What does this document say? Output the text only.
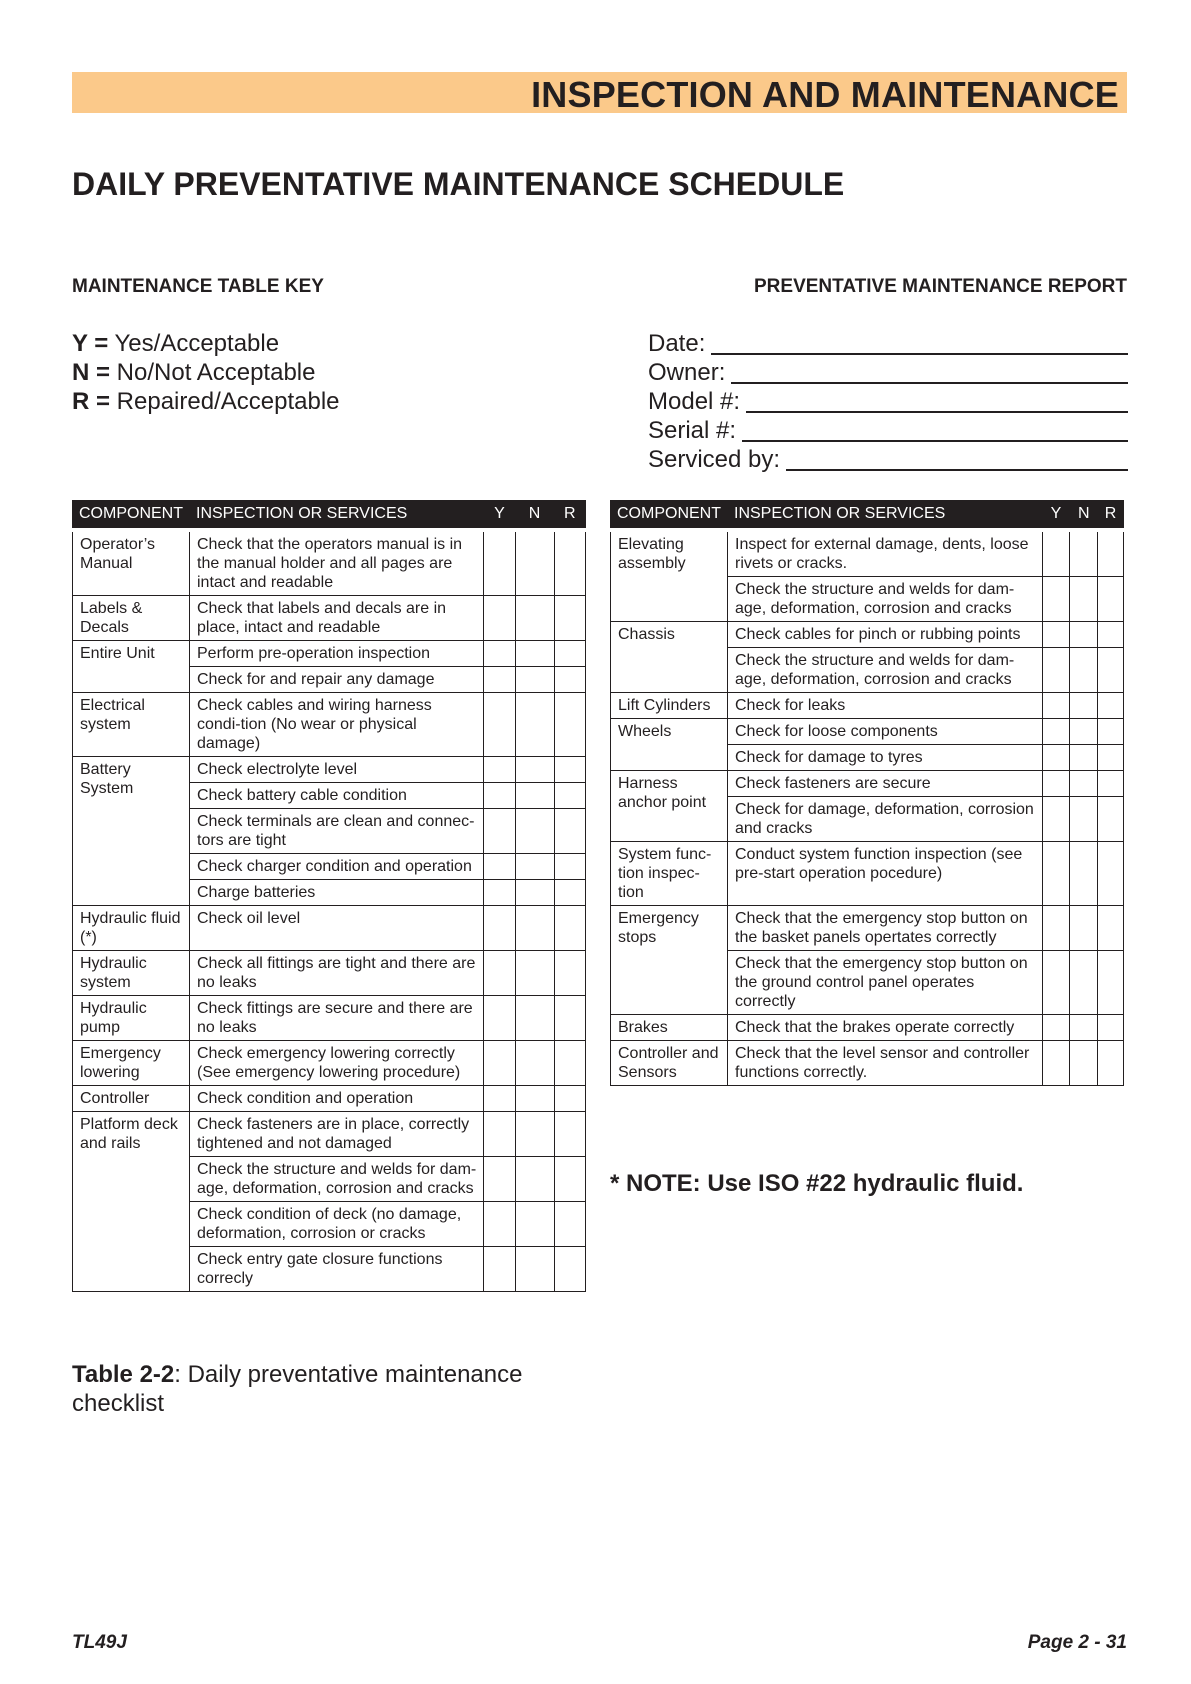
INSPECTION AND MAINTENANCE
DAILY PREVENTATIVE MAINTENANCE SCHEDULE
MAINTENANCE TABLE KEY	PREVENTATIVE MAINTENANCE REPORT
Y = Yes/Acceptable
N = No/Not Acceptable
R = Repaired/Acceptable
Date:
Owner:
Model #:
Serial #:
Serviced by:
COMPONENT	INSPECTION OR SERVICES	Y	N	R
Operator’s Manual	Check that the operators manual is in the manual holder and all pages are intact and readable			
Labels & Decals	Check that labels and decals are in place, intact and readable			
Entire Unit	Perform pre-operation inspection			
	Check for and repair any damage			
Electrical system	Check cables and wiring harness condi-tion (No wear or physical damage)			
Battery System	Check electrolyte level			
	Check battery cable condition			
	Check terminals are clean and connec-tors are tight			
	Check charger condition and operation			
	Charge batteries			
Hydraulic fluid (*)	Check oil level			
Hydraulic system	Check all fittings are tight and there are no leaks			
Hydraulic pump	Check fittings are secure and there are no leaks			
Emergency lowering	Check emergency lowering correctly (See emergency lowering procedure)			
Controller	Check condition and operation			
Platform deck and rails	Check fasteners are in place, correctly tightened and not damaged			
	Check the structure and welds for dam-age, deformation, corrosion and cracks			
	Check condition of deck (no damage, deformation, corrosion or cracks			
	Check entry gate closure functions correcly			
COMPONENT	INSPECTION OR SERVICES	Y	N	R
Elevating assembly	Inspect for external damage, dents, loose rivets or cracks.			
	Check the structure and welds for dam-age, deformation, corrosion and cracks			
Chassis	Check cables for pinch or rubbing points			
	Check the structure and welds for dam-age, deformation, corrosion and cracks			
Lift Cylinders	Check for leaks			
Wheels	Check for loose components			
	Check for damage to tyres			
Harness anchor point	Check fasteners are secure			
	Check for damage, deformation, corrosion and cracks			
System func-tion inspec-tion	Conduct system function inspection (see pre-start operation pocedure)			
Emergency stops	Check that the emergency stop button on the basket panels opertates correctly			
	Check that the emergency stop button on the ground control panel operates correctly			
Brakes	Check that the brakes operate correctly			
Controller and Sensors	Check that the level sensor and controller functions correctly.			
* NOTE: Use ISO #22 hydraulic fluid.
Table 2-2: Daily preventative maintenance checklist
TL49J	Page 2 - 31
